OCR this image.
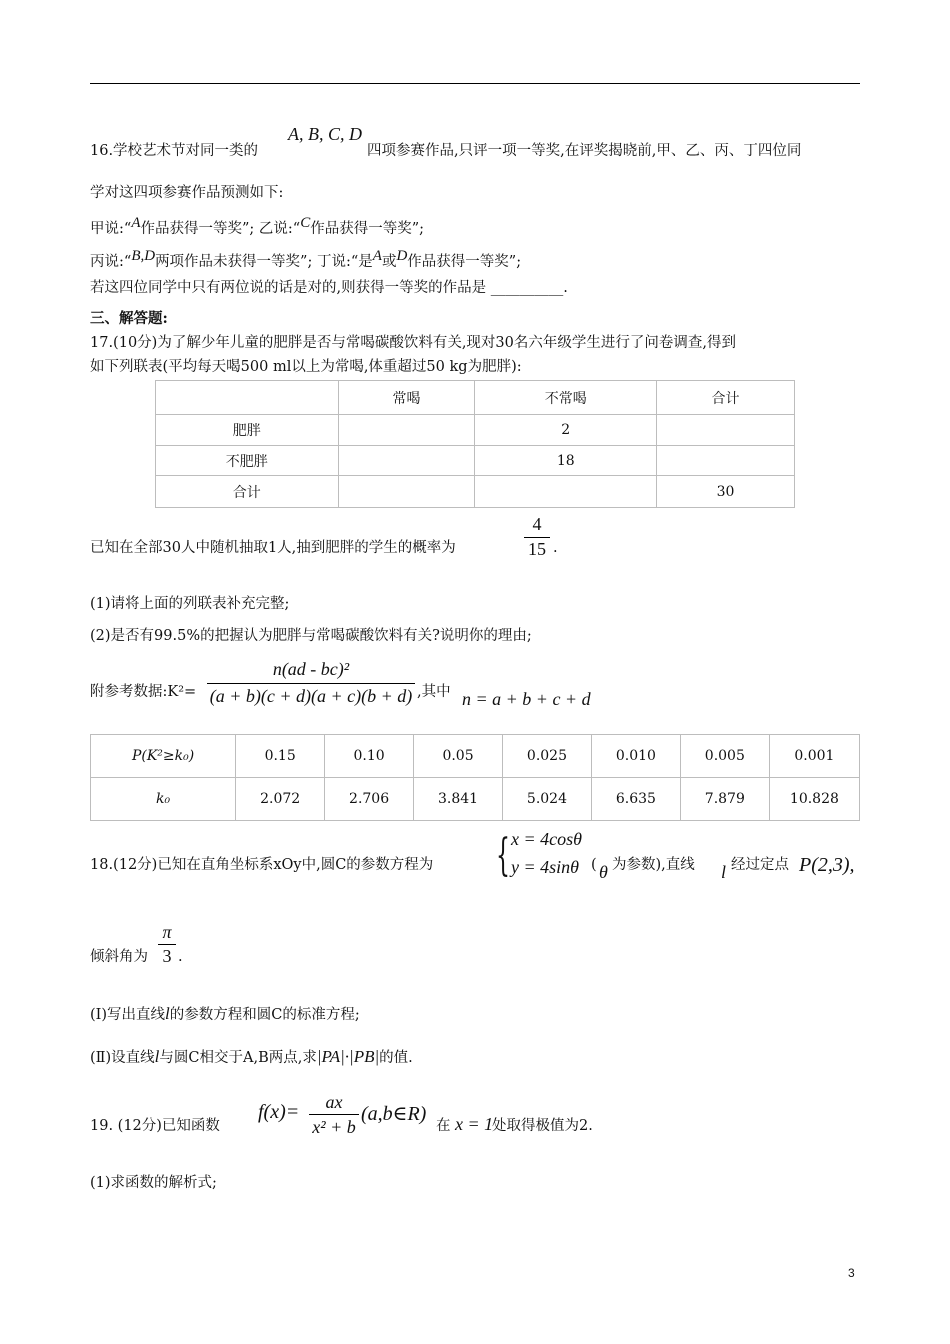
16.学校艺术节对同一类的
A, B, C, D
四项参赛作品,只评一项一等奖,在评奖揭晓前,甲、乙、丙、丁四位同
学对这四项参赛作品预测如下:
甲说:“$^A$作品获得一等奖”; 乙说:“$^C$作品获得一等奖”;
丙说:“$^{B,D}$两项作品未获得一等奖”; 丁说:“是$^A$或$^D$作品获得一等奖”;
若这四位同学中只有两位说的话是对的,则获得一等奖的作品是 __________.
三、解答题:
17.(10分)为了解少年儿童的肥胖是否与常喝碳酸饮料有关,现对30名六年级学生进行了问卷调查,得到
如下列联表(平均每天喝500 ml以上为常喝,体重超过50 kg为肥胖):
	常喝	不常喝	合计
肥胖		2	
不肥胖		18	
合计			30
已知在全部30人中随机抽取1人,抽到肥胖的学生的概率为
4
15 .
(1)请将上面的列联表补充完整;
(2)是否有99.5%的把握认为肥胖与常喝碳酸饮料有关?说明你的理由;
附参考数据:K²=
n(ad - bc)²
(a + b)(c + d)(a + c)(b + d) ,其中 n = a + b + c + d
P(K²≥k₀)	0.15	0.10	0.05	0.025	0.010	0.005	0.001
k₀	2.072	2.706	3.841	5.024	6.635	7.879	10.828
18.(12分)已知在直角坐标系xOy中,圆C的参数方程为 { x = 4cosθ
y = 4sinθ ( θ 为参数),直线 l 经过定点 P(2,3),
倾斜角为
π
3 .
(Ⅰ)写出直线l的参数方程和圆C的标准方程;
(Ⅱ)设直线l与圆C相交于A,B两点,求|PA|·|PB|的值.
19. (12分)已知函数
f(x)=	ax
x² + b
(a,b∈R)
在 x = 1
处取得极值为2.
(1)求函数的解析式;
3
